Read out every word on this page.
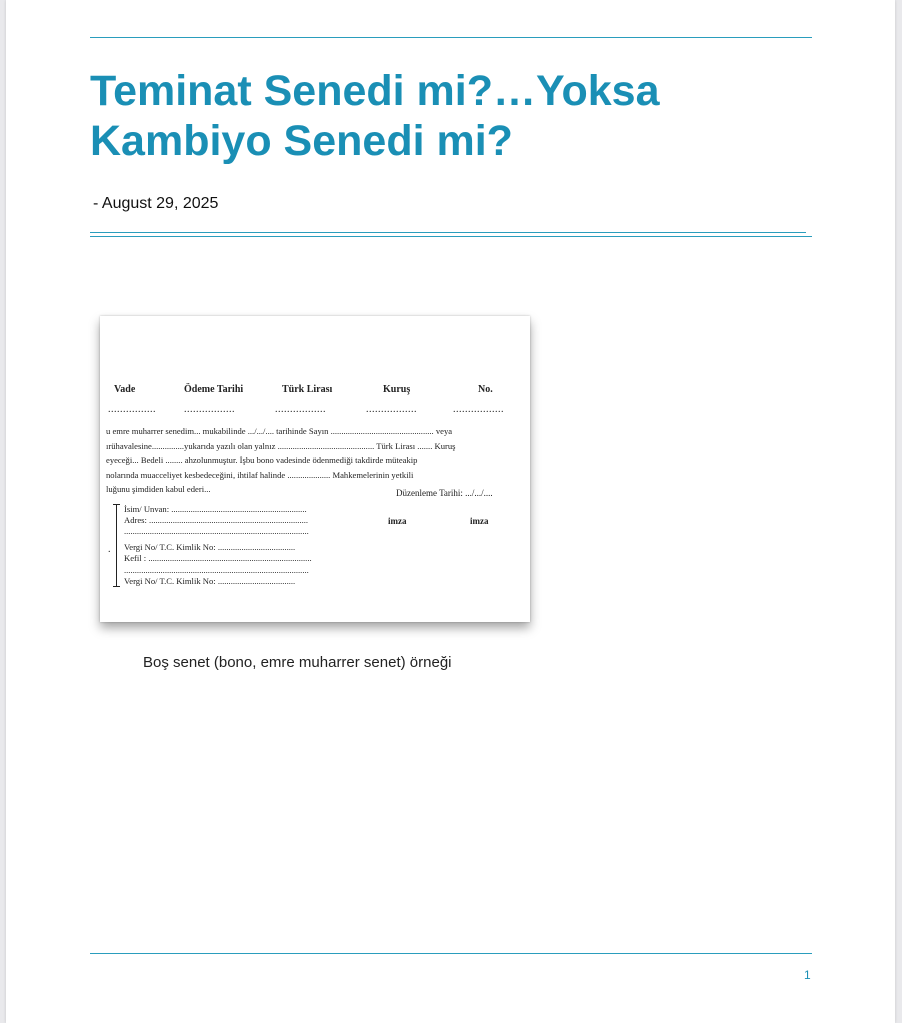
Teminat Senedi mi?…Yoksa Kambiyo Senedi mi?
- August 29, 2025
Vade	Ödeme Tarihi	Türk Lirası	Kuruş	No.
................	.................	.................	.................	.................
u emre muharrer senedim... mukabilinde .../.../.... tarihinde Sayın ................................................ veya
ırühavalesine...............yukarıda yazılı olan yalnız ............................................. Türk Lirası ....... Kuruş
eyeceği... Bedeli ........ ahzolunmuştur. İşbu bono vadesinde ödenmediği takdirde müteakip
nolarında muacceliyet kesbedeceğini, ihtilaf halinde .................... Mahkemelerinin yetkili
luğunu şimdiden kabul ederi...	Düzenleme Tarihi: .../.../....
.
İsim/ Unvan: ...............................................................
Adres: ..........................................................................
......................................................................................
Vergi No/ T.C. Kimlik No: ....................................
Kefil : ............................................................................
......................................................................................
Vergi No/ T.C. Kimlik No: ....................................
imza	imza
Boş senet (bono, emre muharrer senet) örneği
1
